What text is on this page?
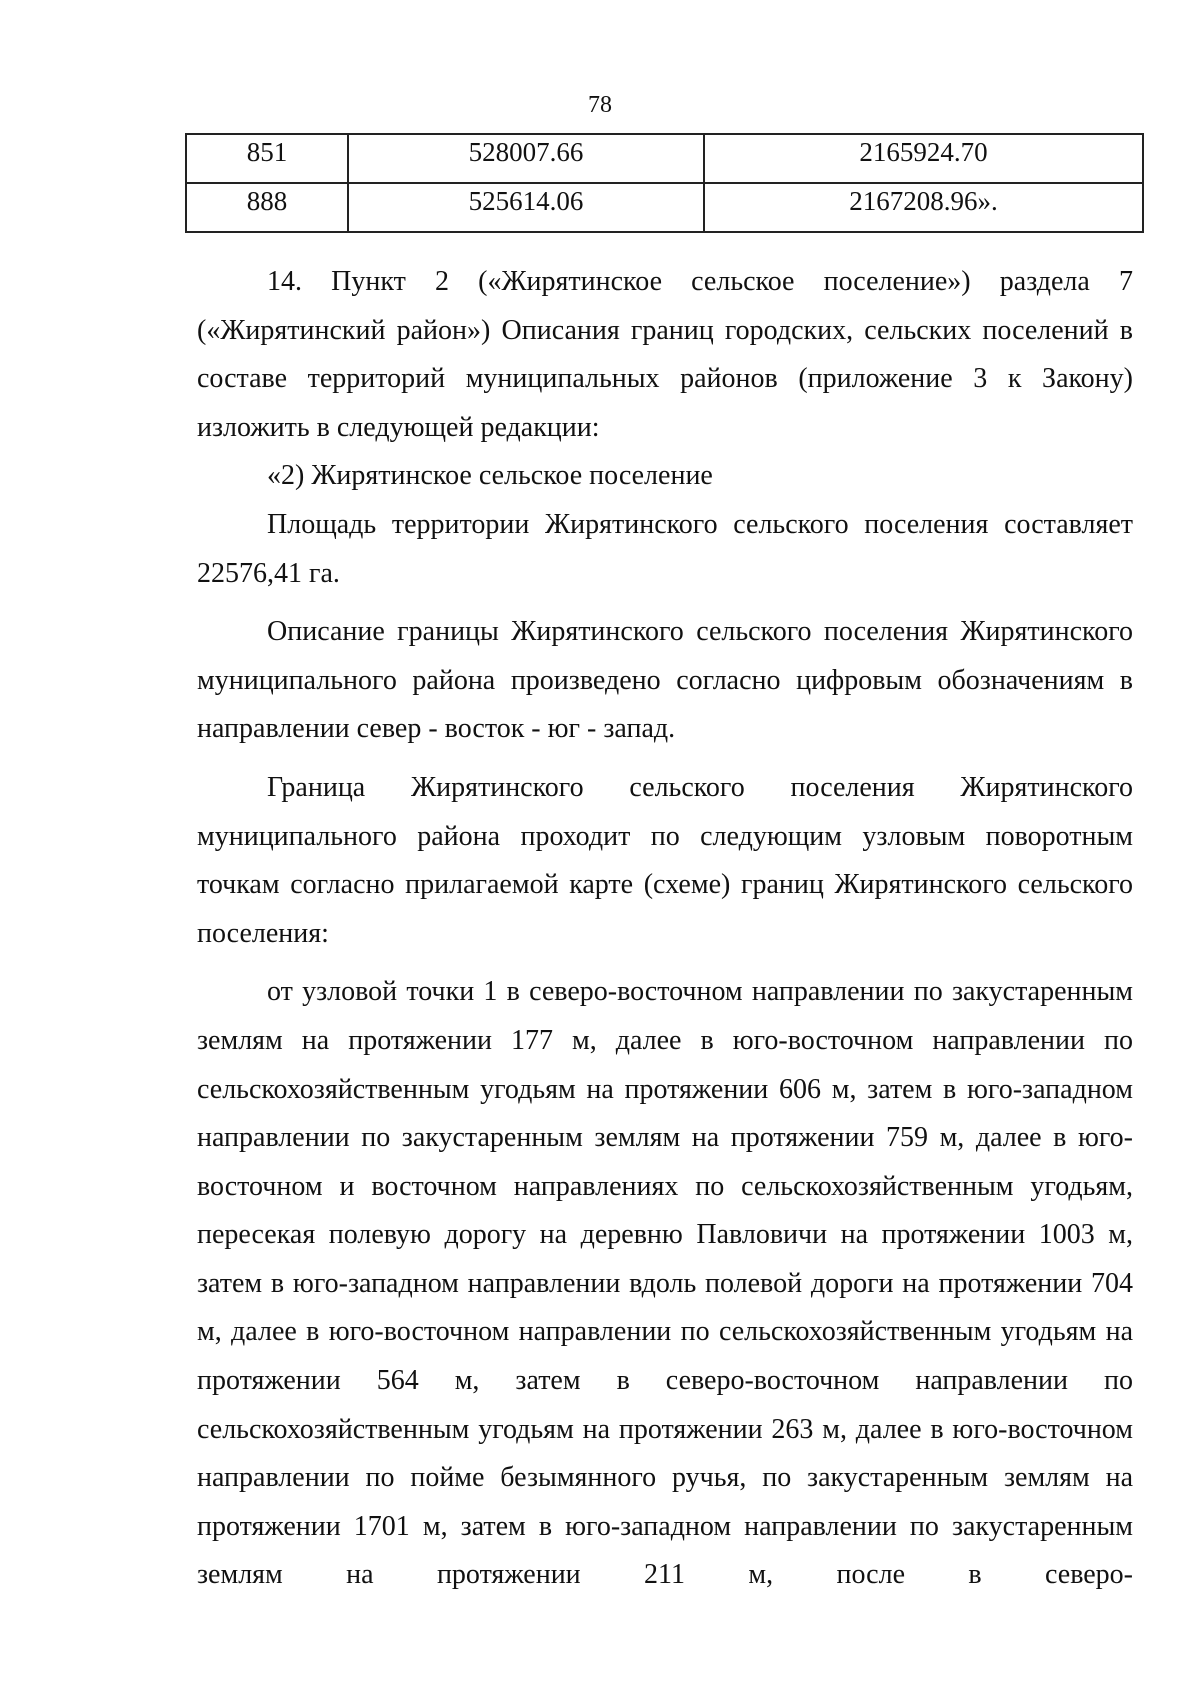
78
851	528007.66	2165924.70
888	525614.06	2167208.96».

14. Пункт 2 («Жирятинское сельское поселение») раздела 7 («Жирятинский район») Описания границ городских, сельских поселений в составе территорий муниципальных районов (приложение 3 к Закону) изложить в следующей редакции:

«2) Жирятинское сельское поселение

Площадь территории Жирятинского сельского поселения составляет 22576,41 га.

Описание границы Жирятинского сельского поселения Жирятинского муниципального района произведено согласно цифровым обозначениям в направлении север - восток - юг - запад.

Граница Жирятинского сельского поселения Жирятинского муниципального района проходит по следующим узловым поворотным точкам согласно прилагаемой карте (схеме) границ Жирятинского сельского поселения:

от узловой точки 1 в северо-восточном направлении по закустаренным землям на протяжении 177 м, далее в юго-восточном направлении по сельскохозяйственным угодьям на протяжении 606 м, затем в юго-западном направлении по закустаренным землям на протяжении 759 м, далее в юго-восточном и восточном направлениях по сельскохозяйственным угодьям, пересекая полевую дорогу на деревню Павловичи на протяжении 1003 м, затем в юго-западном направлении вдоль полевой дороги на протяжении 704 м, далее в юго-восточном направлении по сельскохозяйственным угодьям на протяжении 564 м, затем в северо-восточном направлении по сельскохозяйственным угодьям на протяжении 263 м, далее в юго-восточном направлении по пойме безымянного ручья, по закустаренным землям на протяжении 1701 м, затем в юго-западном направлении по закустаренным землям на протяжении 211 м, после в северо-
